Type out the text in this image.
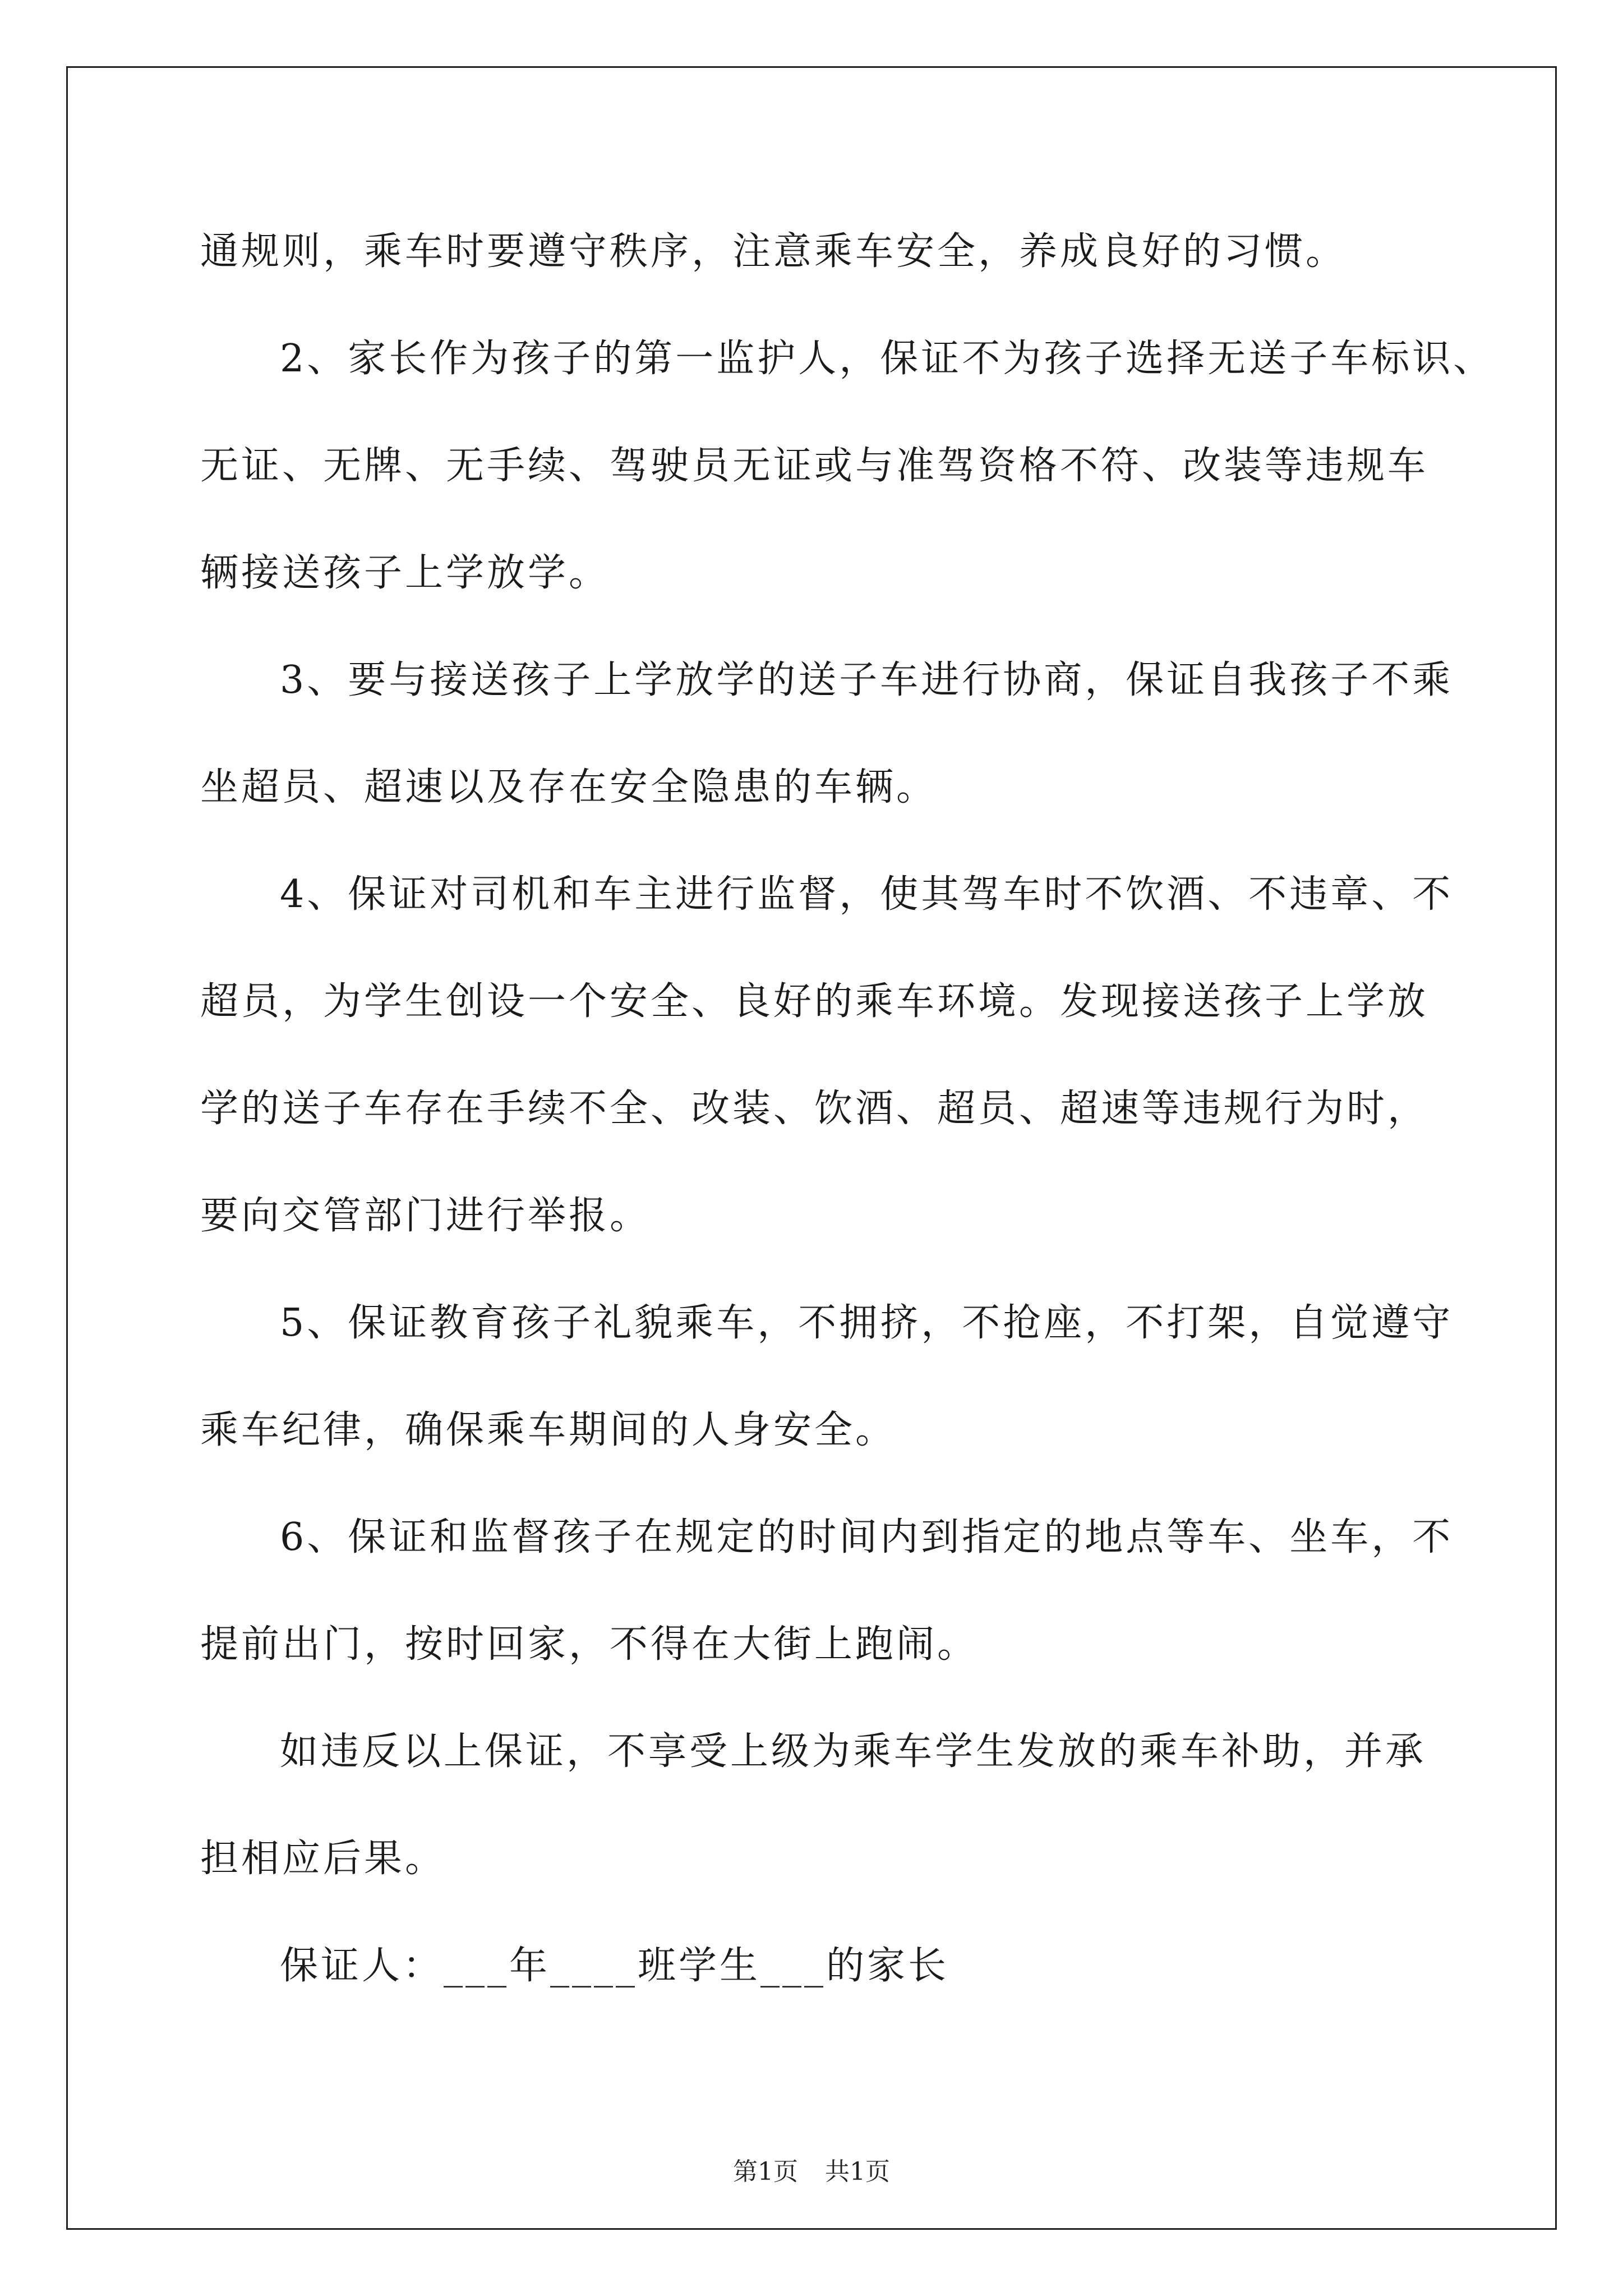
通规则，乘车时要遵守秩序，注意乘车安全，养成良好的习惯。
2、家长作为孩子的第一监护人，保证不为孩子选择无送子车标识、
无证、无牌、无手续、驾驶员无证或与准驾资格不符、改装等违规车
辆接送孩子上学放学。
3、要与接送孩子上学放学的送子车进行协商，保证自我孩子不乘
坐超员、超速以及存在安全隐患的车辆。
4、保证对司机和车主进行监督，使其驾车时不饮酒、不违章、不
超员，为学生创设一个安全、良好的乘车环境。发现接送孩子上学放
学的送子车存在手续不全、改装、饮酒、超员、超速等违规行为时，
要向交管部门进行举报。
5、保证教育孩子礼貌乘车，不拥挤，不抢座，不打架，自觉遵守
乘车纪律，确保乘车期间的人身安全。
6、保证和监督孩子在规定的时间内到指定的地点等车、坐车，不
提前出门，按时回家，不得在大街上跑闹。
如违反以上保证，不享受上级为乘车学生发放的乘车补助，并承
担相应后果。
保证人：___年____班学生___的家长
第1页 共1页
